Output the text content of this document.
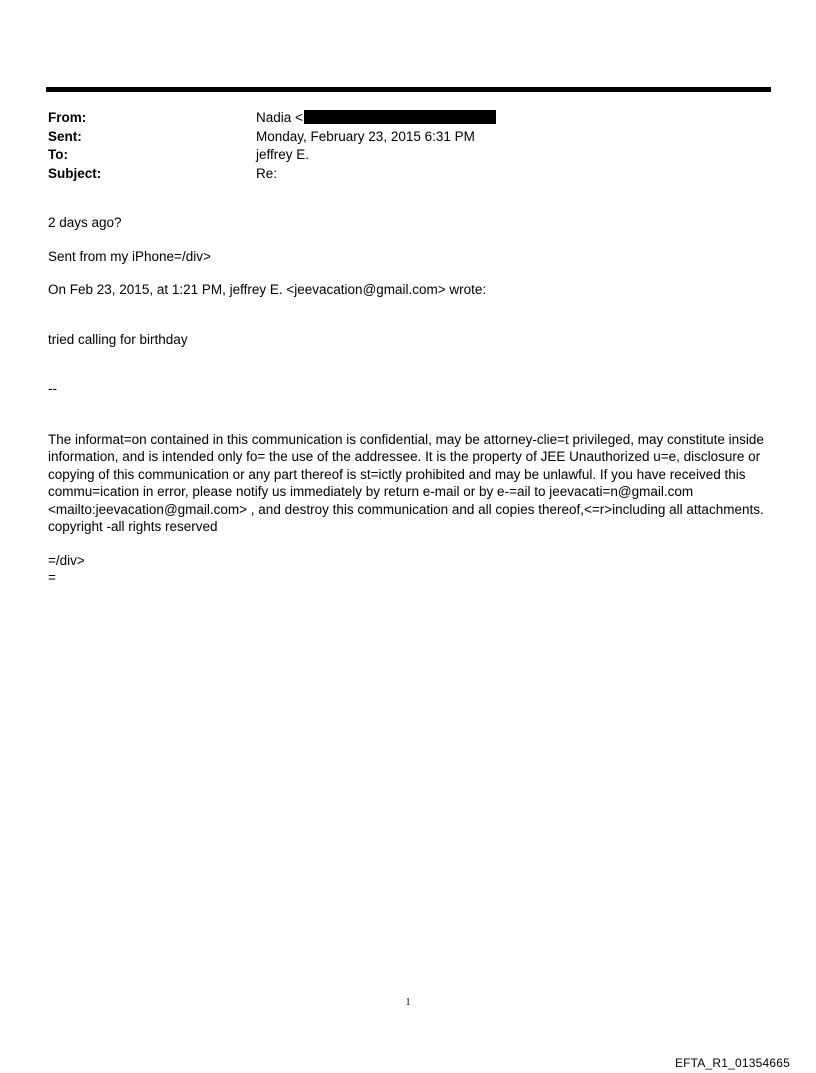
From:	Nadia <
Sent:	Monday, February 23, 2015 6:31 PM
To:	jeffrey E.
Subject:	Re:

2 days ago?

Sent from my iPhone=/div>

On Feb 23, 2015, at 1:21 PM, jeffrey E. <jeevacation@gmail.com> wrote:

tried calling for birthday

--

The informat=on contained in this communication is confidential, may be attorney-clie=t privileged, may constitute inside information, and is intended only fo= the use of the addressee. It is the property of JEE Unauthorized u=e, disclosure or copying of this communication or any part thereof is st=ictly prohibited and may be unlawful. If you have received this commu=ication in error, please notify us immediately by return e-mail or by e-=ail to jeevacati=n@gmail.com <mailto:jeevacation@gmail.com> , and destroy this communication and all copies thereof,<=r>including all attachments. copyright -all rights reserved

=/div>

=

1
EFTA_R1_01354665
